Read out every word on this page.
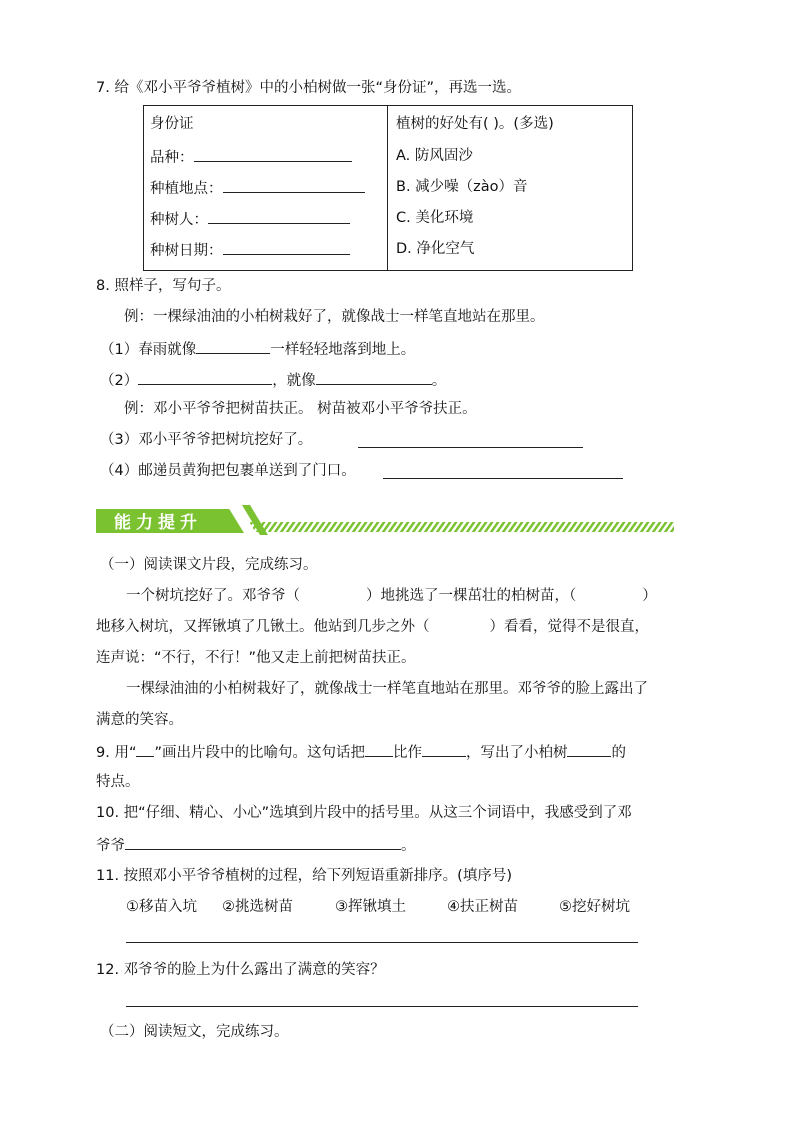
7. 给《邓小平爷爷植树》中的小柏树做一张“身份证”，再选一选。
身份证
品种：
种植地点：
种树人：
种树日期：
植树的好处有( )。(多选)
A. 防风固沙
B. 减少噪（zào）音
C. 美化环境
D. 净化空气
8. 照样子，写句子。
例：一棵绿油油的小柏树栽好了，就像战士一样笔直地站在那里。
（1）春雨就像	一样轻轻地落到地上。
（2）	，就像	。
例：邓小平爷爷把树苗扶正。 树苗被邓小平爷爷扶正。
（3）邓小平爷爷把树坑挖好了。
（4）邮递员黄狗把包裹单送到了门口。
能力提升
（一）阅读课文片段，完成练习。
一个树坑挖好了。邓爷爷（	）地挑选了一棵茁壮的柏树苗，（	）
地移入树坑，又挥锹填了几锹土。他站到几步之外（	）看看，觉得不是很直，
连声说：“不行，不行！”他又走上前把树苗扶正。
一棵绿油油的小柏树栽好了，就像战士一样笔直地站在那里。邓爷爷的脸上露出了
满意的笑容。
9. 用“ ”画出片段中的比喻句。这句话把 比作	，写出了小柏树	的
特点。
10. 把“仔细、精心、小心”选填到片段中的括号里。从这三个词语中，我感受到了邓
爷爷	。
11. 按照邓小平爷爷植树的过程，给下列短语重新排序。(填序号)
①移苗入坑 ②挑选树苗	③挥锹填土	④扶正树苗	⑤挖好树坑
12. 邓爷爷的脸上为什么露出了满意的笑容？
（二）阅读短文，完成练习。
